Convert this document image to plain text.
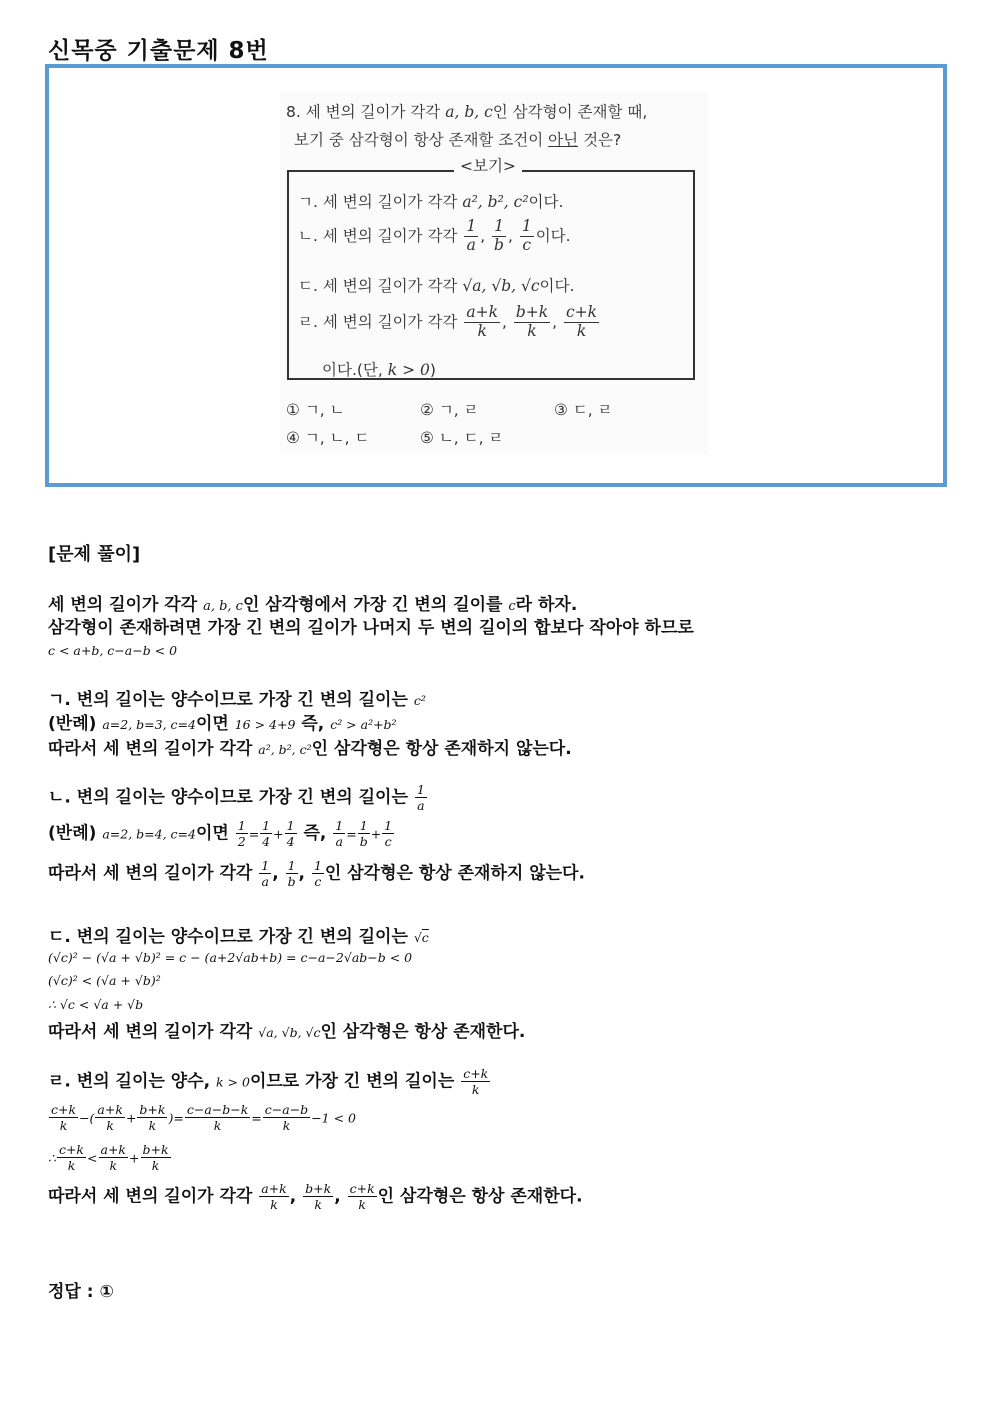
신목중 기출문제 8번
8. 세 변의 길이가 각각 a, b, c인 삼각형이 존재할 때,
보기 중 삼각형이 항상 존재할 조건이 아닌 것은?
<보기>
ㄱ. 세 변의 길이가 각각 a², b², c²이다.
ㄴ. 세 변의 길이가 각각 $\frac{1}{a}$ , $\frac{1}{b}$ , $\frac{1}{c}$ 이다.
ㄷ. 세 변의 길이가 각각 √a, √b, √c이다.
ㄹ. 세 변의 길이가 각각 $\frac{a+k}{k}$ , $\frac{b+k}{k}$ , $\frac{c+k}{k}$
이다.(단, k > 0)
① ㄱ, ㄴ	② ㄱ, ㄹ	③ ㄷ, ㄹ
④ ㄱ, ㄴ, ㄷ	⑤ ㄴ, ㄷ, ㄹ
[문제 풀이]
세 변의 길이가 각각 a, b, c인 삼각형에서 가장 긴 변의 길이를 c라 하자.
삼각형이 존재하려면 가장 긴 변의 길이가 나머지 두 변의 길이의 합보다 작아야 하므로
c < a+b, c−a−b < 0
ㄱ. 변의 길이는 양수이므로 가장 긴 변의 길이는 c²
(반례) a=2, b=3, c=4이면 16 > 4+9 즉, c² > a²+b²
따라서 세 변의 길이가 각각 a², b², c²인 삼각형은 항상 존재하지 않는다.
ㄴ. 변의 길이는 양수이므로 가장 긴 변의 길이는 $\frac{1}{a}$
(반례) a=2, b=4, c=4이면 $\frac{1}{2} = \frac{1}{4} + \frac{1}{4}$ 즉, $\frac{1}{a} = \frac{1}{b} + \frac{1}{c}$
따라서 세 변의 길이가 각각 $\frac{1}{a}$ , $\frac{1}{b}$ , $\frac{1}{c}$ 인 삼각형은 항상 존재하지 않는다.
ㄷ. 변의 길이는 양수이므로 가장 긴 변의 길이는 √c
(√c)² − (√a + √b)² = c − (a+2√ab+b) = c−a−2√ab−b < 0
(√c)² < (√a + √b)²
∴ √c < √a + √b
따라서 세 변의 길이가 각각 √a, √b, √c인 삼각형은 항상 존재한다.
ㄹ. 변의 길이는 양수, k > 0이므로 가장 긴 변의 길이는 $\frac{c+k}{k}$
$\frac{c+k}{k}$ −( $\frac{a+k}{k} + \frac{b+k}{k}$ )= $\frac{c-a-b-k}{k} = \frac{c-a-b}{k} -1 < 0$
∴ $\frac{c+k}{k} < \frac{a+k}{k} + \frac{b+k}{k}$
따라서 세 변의 길이가 각각 $\frac{a+k}{k}$ , $\frac{b+k}{k}$ , $\frac{c+k}{k}$ 인 삼각형은 항상 존재한다.
정답 : ①
